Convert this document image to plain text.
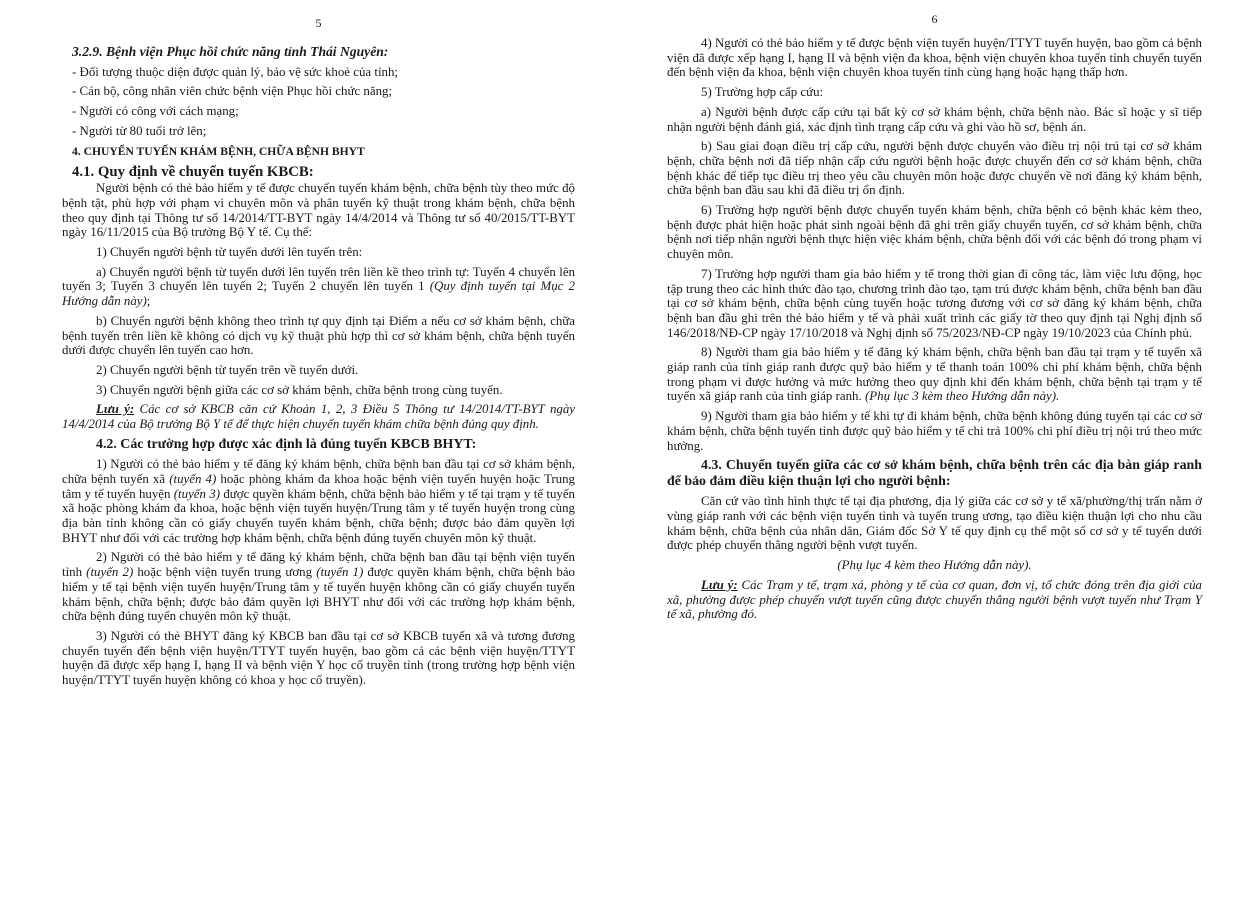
5

3.2.9. Bệnh viện Phục hồi chức năng tỉnh Thái Nguyên:

- Đối tượng thuộc diện được quản lý, bảo vệ sức khoẻ của tỉnh;

- Cán bộ, công nhân viên chức bệnh viện Phục hồi chức năng;

- Người có công với cách mạng;

- Người từ 80 tuổi trở lên;

4. CHUYỂN TUYẾN KHÁM BỆNH, CHỮA BỆNH BHYT

4.1. Quy định về chuyển tuyến KBCB:

Người bệnh có thẻ bảo hiểm y tế được chuyển tuyến khám bệnh, chữa bệnh tùy theo mức độ bệnh tật, phù hợp với phạm vi chuyên môn và phân tuyến kỹ thuật trong khám bệnh, chữa bệnh theo quy định tại Thông tư số 14/2014/TT-BYT ngày 14/4/2014 và Thông tư số 40/2015/TT-BYT ngày 16/11/2015 của Bộ trưởng Bộ Y tế. Cụ thể:

1) Chuyển người bệnh từ tuyến dưới lên tuyến trên:

a) Chuyển người bệnh từ tuyến dưới lên tuyến trên liền kề theo trình tự: Tuyến 4 chuyển lên tuyến 3; Tuyến 3 chuyển lên tuyến 2; Tuyến 2 chuyển lên tuyến 1 (Quy định tuyến tại Mục 2 Hướng dẫn này);

b) Chuyển người bệnh không theo trình tự quy định tại Điểm a nếu cơ sở khám bệnh, chữa bệnh tuyến trên liền kề không có dịch vụ kỹ thuật phù hợp thì cơ sở khám bệnh, chữa bệnh tuyến dưới được chuyển lên tuyến cao hơn.

2) Chuyển người bệnh từ tuyến trên về tuyến dưới.

3) Chuyển người bệnh giữa các cơ sở khám bệnh, chữa bệnh trong cùng tuyến.

Lưu ý: Các cơ sở KBCB căn cứ Khoản 1, 2, 3 Điều 5 Thông tư 14/2014/TT-BYT ngày 14/4/2014 của Bộ trưởng Bộ Y tế để thực hiện chuyển tuyến khám chữa bệnh đúng quy định.

4.2. Các trường hợp được xác định là đúng tuyến KBCB BHYT:

1) Người có thẻ bảo hiểm y tế đăng ký khám bệnh, chữa bệnh ban đầu tại cơ sở khám bệnh, chữa bệnh tuyến xã (tuyến 4) hoặc phòng khám đa khoa hoặc bệnh viện tuyến huyện hoặc Trung tâm y tế tuyến huyện (tuyến 3) được quyền khám bệnh, chữa bệnh bảo hiểm y tế tại trạm y tế tuyến xã hoặc phòng khám đa khoa, hoặc bệnh viện tuyến huyện/Trung tâm y tế tuyến huyện trong cùng địa bàn tỉnh không cần có giấy chuyển tuyến khám bệnh, chữa bệnh; được bảo đảm quyền lợi BHYT như đối với các trường hợp khám bệnh, chữa bệnh đúng tuyến chuyên môn kỹ thuật.

2) Người có thẻ bảo hiểm y tế đăng ký khám bệnh, chữa bệnh ban đầu tại bệnh viện tuyến tỉnh (tuyến 2) hoặc bệnh viện tuyến trung ương (tuyến 1) được quyền khám bệnh, chữa bệnh bảo hiểm y tế tại bệnh viện tuyến huyện/Trung tâm y tế tuyến huyện không cần có giấy chuyển tuyến khám bệnh, chữa bệnh; được bảo đảm quyền lợi BHYT như đối với các trường hợp khám bệnh, chữa bệnh đúng tuyến chuyên môn kỹ thuật.

3) Người có thẻ BHYT đăng ký KBCB ban đầu tại cơ sở KBCB tuyến xã và tương đương chuyển tuyến đến bệnh viện huyện/TTYT tuyến huyện, bao gồm cả các bệnh viện huyện/TTYT huyện đã được xếp hạng I, hạng II và bệnh viện Y học cổ truyền tỉnh (trong trường hợp bệnh viện huyện/TTYT tuyến huyện không có khoa y học cổ truyền).

6

4) Người có thẻ bảo hiểm y tế được bệnh viện tuyến huyện/TTYT tuyến huyện, bao gồm cả bệnh viện đã được xếp hạng I, hạng II và bệnh viện đa khoa, bệnh viện chuyên khoa tuyến tỉnh chuyển tuyến đến bệnh viện đa khoa, bệnh viện chuyên khoa tuyến tỉnh cùng hạng hoặc hạng thấp hơn.

5) Trường hợp cấp cứu:

a) Người bệnh được cấp cứu tại bất kỳ cơ sở khám bệnh, chữa bệnh nào. Bác sĩ hoặc y sĩ tiếp nhận người bệnh đánh giá, xác định tình trạng cấp cứu và ghi vào hồ sơ, bệnh án.

b) Sau giai đoạn điều trị cấp cứu, người bệnh được chuyển vào điều trị nội trú tại cơ sở khám bệnh, chữa bệnh nơi đã tiếp nhận cấp cứu người bệnh hoặc được chuyển đến cơ sở khám bệnh, chữa bệnh khác để tiếp tục điều trị theo yêu cầu chuyên môn hoặc được chuyển về nơi đăng ký khám bệnh, chữa bệnh ban đầu sau khi đã điều trị ổn định.

6) Trường hợp người bệnh được chuyển tuyến khám bệnh, chữa bệnh có bệnh khác kèm theo, bệnh được phát hiện hoặc phát sinh ngoài bệnh đã ghi trên giấy chuyển tuyến, cơ sở khám bệnh, chữa bệnh nơi tiếp nhận người bệnh thực hiện việc khám bệnh, chữa bệnh đối với các bệnh đó trong phạm vi chuyên môn.

7) Trường hợp người tham gia bảo hiểm y tế trong thời gian đi công tác, làm việc lưu động, học tập trung theo các hình thức đào tạo, chương trình đào tạo, tạm trú được khám bệnh, chữa bệnh ban đầu tại cơ sở khám bệnh, chữa bệnh cùng tuyến hoặc tương đương với cơ sở đăng ký khám bệnh, chữa bệnh ban đầu ghi trên thẻ bảo hiểm y tế và phải xuất trình các giấy tờ theo quy định tại Nghị định số 146/2018/NĐ-CP ngày 17/10/2018 và Nghị định số 75/2023/NĐ-CP ngày 19/10/2023 của Chính phủ.

8) Người tham gia bảo hiểm y tế đăng ký khám bệnh, chữa bệnh ban đầu tại trạm y tế tuyến xã giáp ranh của tỉnh giáp ranh được quỹ bảo hiểm y tế thanh toán 100% chi phí khám bệnh, chữa bệnh trong phạm vi được hưởng và mức hưởng theo quy định khi đến khám bệnh, chữa bệnh tại trạm y tế tuyến xã giáp ranh của tỉnh giáp ranh. (Phụ lục 3 kèm theo Hướng dẫn này).

9) Người tham gia bảo hiểm y tế khi tự đi khám bệnh, chữa bệnh không đúng tuyến tại các cơ sở khám bệnh, chữa bệnh tuyến tỉnh được quỹ bảo hiểm y tế chi trả 100% chi phí điều trị nội trú theo mức hưởng.

4.3. Chuyển tuyến giữa các cơ sở khám bệnh, chữa bệnh trên các địa bàn giáp ranh để bảo đảm điều kiện thuận lợi cho người bệnh:

Căn cứ vào tình hình thực tế tại địa phương, địa lý giữa các cơ sở y tế xã/phường/thị trấn nằm ở vùng giáp ranh với các bệnh viện tuyến tỉnh và tuyến trung ương, tạo điều kiện thuận lợi cho nhu cầu khám bệnh, chữa bệnh của nhân dân, Giám đốc Sở Y tế quy định cụ thể một số cơ sở y tế tuyến dưới được phép chuyển thẳng người bệnh vượt tuyến.

(Phụ lục 4 kèm theo Hướng dẫn này).

Lưu ý: Các Trạm y tế, trạm xá, phòng y tế của cơ quan, đơn vị, tổ chức đóng trên địa giới của xã, phường được phép chuyển vượt tuyến cũng được chuyển thẳng người bệnh vượt tuyến như Trạm Y tế xã, phường đó.
